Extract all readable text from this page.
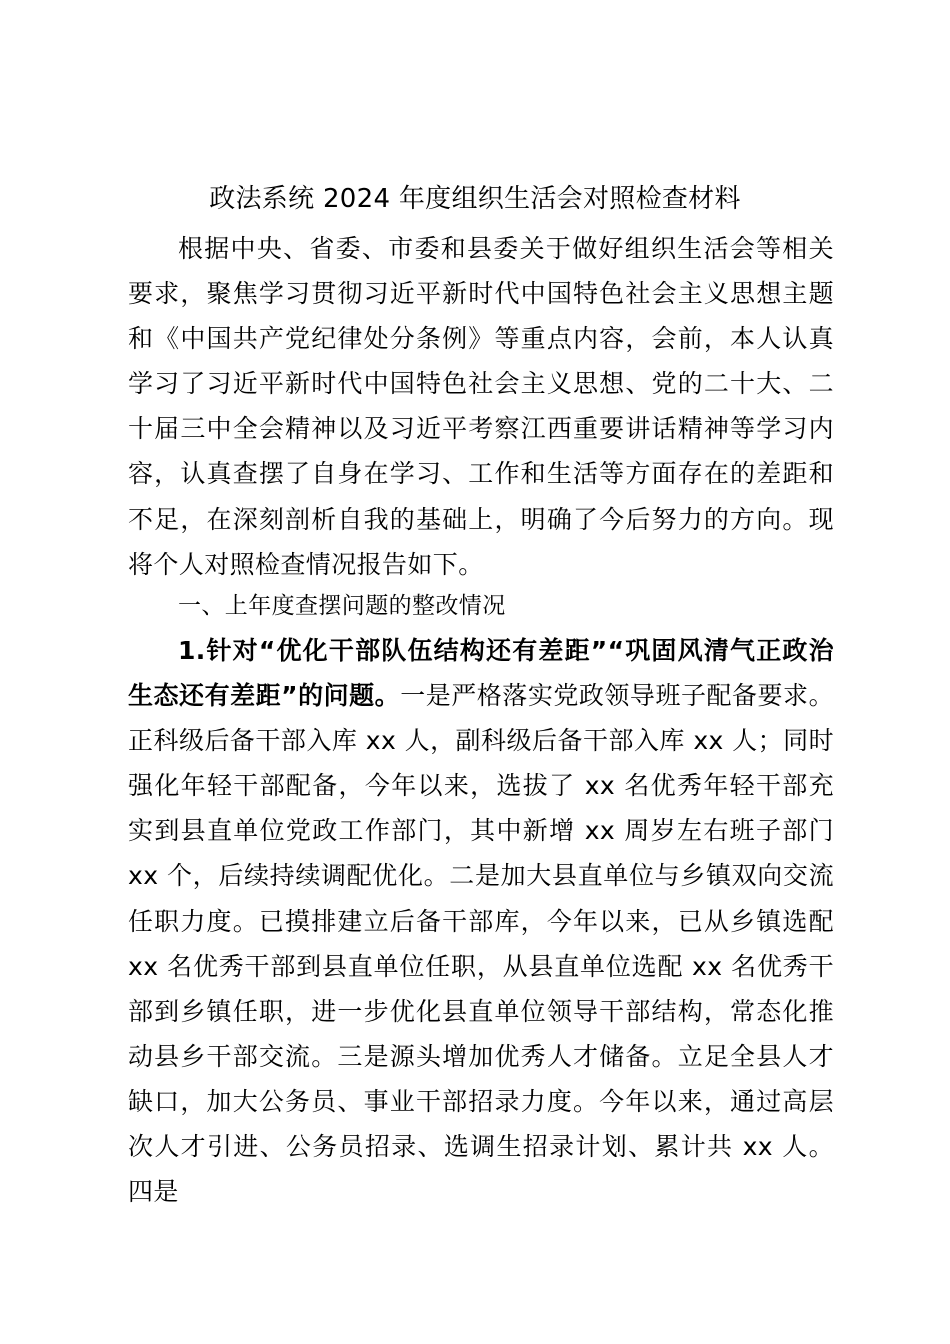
政法系统 2024 年度组织生活会对照检查材料

根据中央、省委、市委和县委关于做好组织生活会等相关要求，聚焦学习贯彻习近平新时代中国特色社会主义思想主题和《中国共产党纪律处分条例》等重点内容，会前，本人认真学习了习近平新时代中国特色社会主义思想、党的二十大、二十届三中全会精神以及习近平考察江西重要讲话精神等学习内容，认真查摆了自身在学习、工作和生活等方面存在的差距和不足，在深刻剖析自我的基础上，明确了今后努力的方向。现将个人对照检查情况报告如下。

一、上年度查摆问题的整改情况

1.针对“优化干部队伍结构还有差距”“巩固风清气正政治生态还有差距”的问题。一是严格落实党政领导班子配备要求。正科级后备干部入库 xx 人，副科级后备干部入库 xx 人；同时强化年轻干部配备，今年以来，选拔了 xx 名优秀年轻干部充实到县直单位党政工作部门，其中新增 xx 周岁左右班子部门 xx 个，后续持续调配优化。二是加大县直单位与乡镇双向交流任职力度。已摸排建立后备干部库，今年以来，已从乡镇选配 xx 名优秀干部到县直单位任职，从县直单位选配 xx 名优秀干部到乡镇任职，进一步优化县直单位领导干部结构，常态化推动县乡干部交流。三是源头增加优秀人才储备。立足全县人才缺口，加大公务员、事业干部招录力度。今年以来，通过高层次人才引进、公务员招录、选调生招录计划、累计共 xx 人。四是
